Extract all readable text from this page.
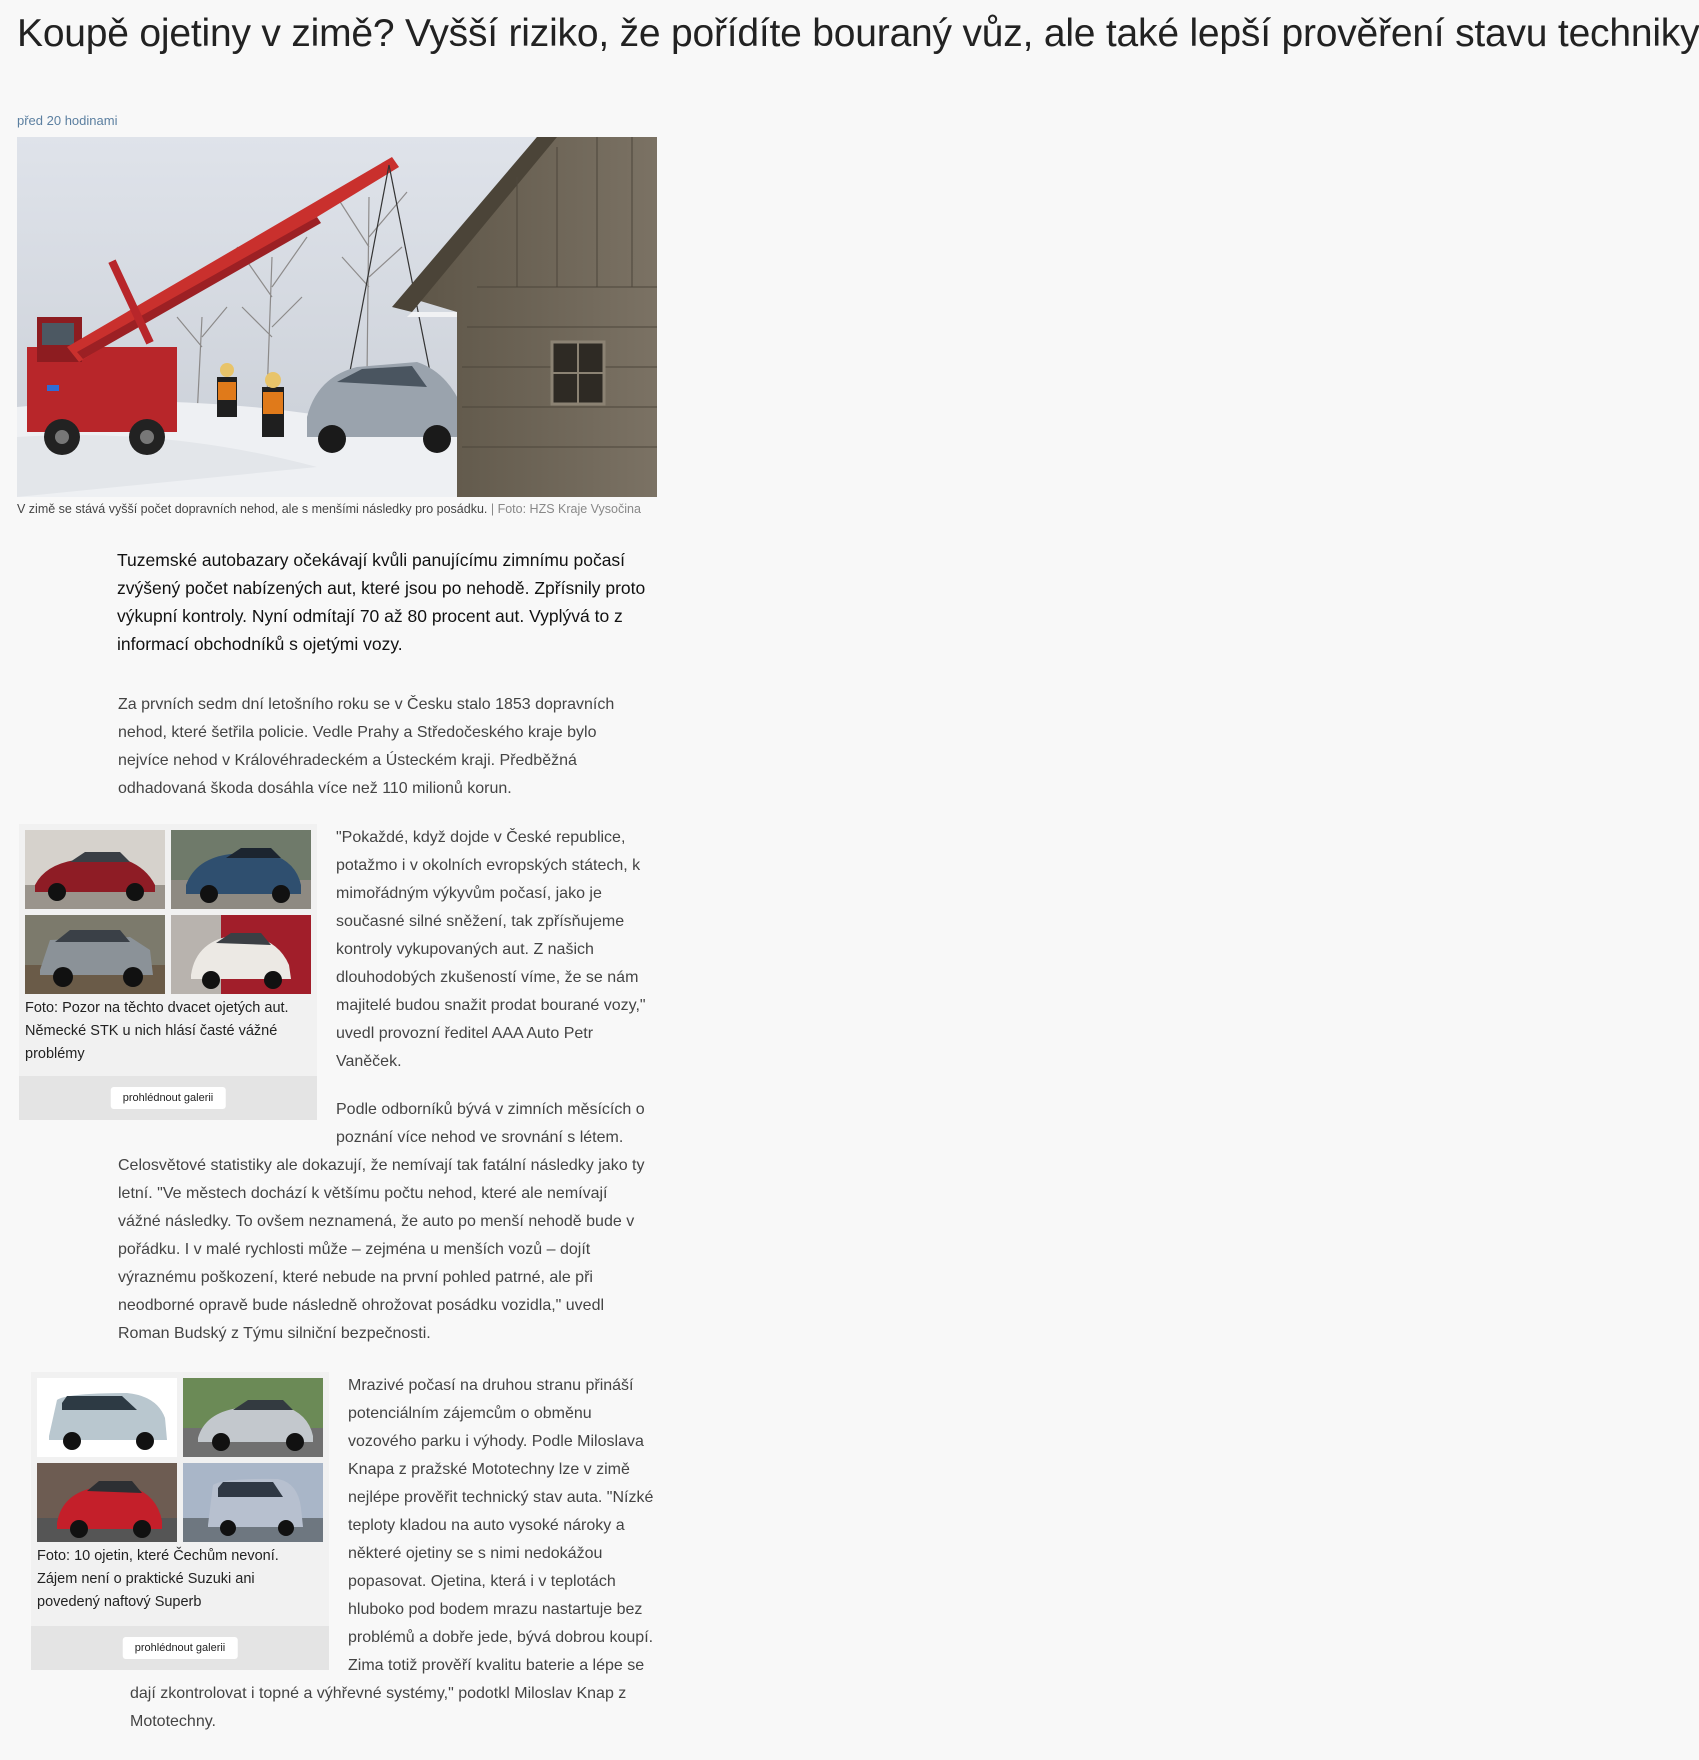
Koupě ojetiny v zimě? Vyšší riziko, že pořídíte bouraný vůz, ale také lepší prověření stavu techniky
před 20 hodinami
V zimě se stává vyšší počet dopravních nehod, ale s menšími následky pro posádku. | Foto: HZS Kraje Vysočina
Tuzemské autobazary očekávají kvůli panujícímu zimnímu počasí zvýšený počet nabízených aut, které jsou po nehodě. Zpřísnily proto výkupní kontroly. Nyní odmítají 70 až 80 procent aut. Vyplývá to z informací obchodníků s ojetými vozy.

Za prvních sedm dní letošního roku se v Česku stalo 1853 dopravních nehod, které šetřila policie. Vedle Prahy a Středočeského kraje bylo nejvíce nehod v Královéhradeckém a Ústeckém kraji. Předběžná odhadovaná škoda dosáhla více než 110 milionů korun.

Foto: Pozor na těchto dvacet ojetých aut. Německé STK u nich hlásí časté vážné problémy
prohlédnout galerii

"Pokaždé, když dojde v České republice, potažmo i v okolních evropských státech, k mimořádným výkyvům počasí, jako je současné silné sněžení, tak zpřísňujeme kontroly vykupovaných aut. Z našich dlouhodobých zkušeností víme, že se nám majitelé budou snažit prodat bourané vozy," uvedl provozní ředitel AAA Auto Petr Vaněček.

Podle odborníků bývá v zimních měsících o poznání více nehod ve srovnání s létem. Celosvětové statistiky ale dokazují, že nemívají tak fatální následky jako ty letní. "Ve městech dochází k většímu počtu nehod, které ale nemívají vážné následky. To ovšem neznamená, že auto po menší nehodě bude v pořádku. I v malé rychlosti může – zejména u menších vozů – dojít výraznému poškození, které nebude na první pohled patrné, ale při neodborné opravě bude následně ohrožovat posádku vozidla," uvedl Roman Budský z Týmu silniční bezpečnosti.

Foto: 10 ojetin, které Čechům nevoní. Zájem není o praktické Suzuki ani povedený naftový Superb
prohlédnout galerii

Mrazivé počasí na druhou stranu přináší potenciálním zájemcům o obměnu vozového parku i výhody. Podle Miloslava Knapa z pražské Mototechny lze v zimě nejlépe prověřit technický stav auta. "Nízké teploty kladou na auto vysoké nároky a některé ojetiny se s nimi nedokážou popasovat. Ojetina, která i v teplotách hluboko pod bodem mrazu nastartuje bez problémů a dobře jede, bývá dobrou koupí. Zima totiž prověří kvalitu baterie a lépe se dají zkontrolovat i topné a výhřevné systémy," podotkl Miloslav Knap z Mototechny.
